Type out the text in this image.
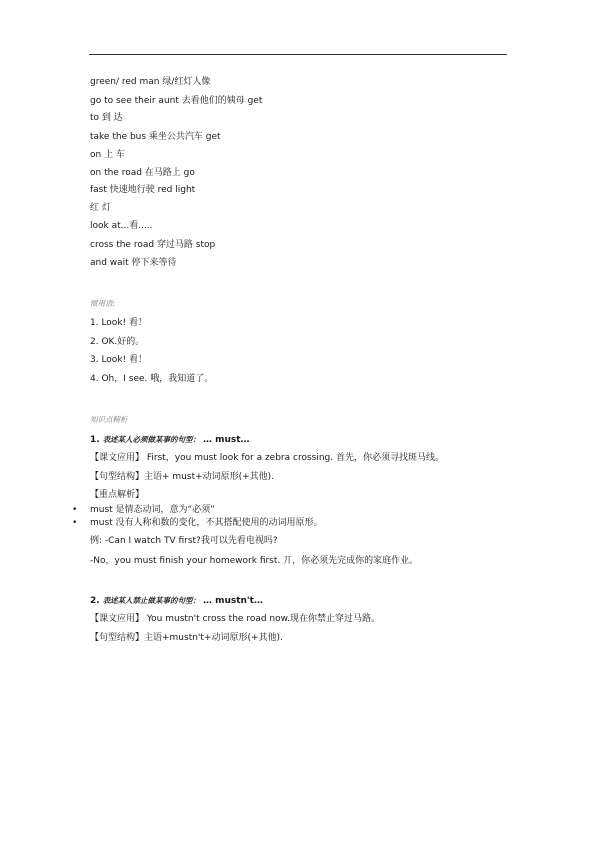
green/ red man 绿/红灯人像
go to see their aunt 去看他们的姨母 get
to 到 达
take the bus 乘坐公共汽车 get
on 上 车
on the road 在马路上 go
fast 快速地行驶 red light
红 灯
look at...看.....
cross the road 穿过马路 stop
and wait 停下来等待
惯用语:
1. Look! 看！
2. OK.好的。
3. Look! 看！
4. Oh，I see. 哦，我知道了。
知识点精析
1. 表述某人必须做某事的句型： … must…
【课文应用】 First，you must look for a zebra crossing. 首先，你必须寻找斑马线。
【句型结构】主语+ must+动词原形(+其他).
【重点解析】
• must 是情态动词，意为“必须”
• must 没有人称和数的变化，不其搭配使用的动词用原形。
例: -Can I watch TV first?我可以先看电视吗?
-No，you must finish your homework first. 丌，你必须先完成你的家庭作业。
2. 表述某人禁止做某事的句型： … mustn't…
【课文应用】 You mustn't cross the road now.现在你禁止穿过马路。
【句型结构】主语+mustn't+动词原形(+其他).
